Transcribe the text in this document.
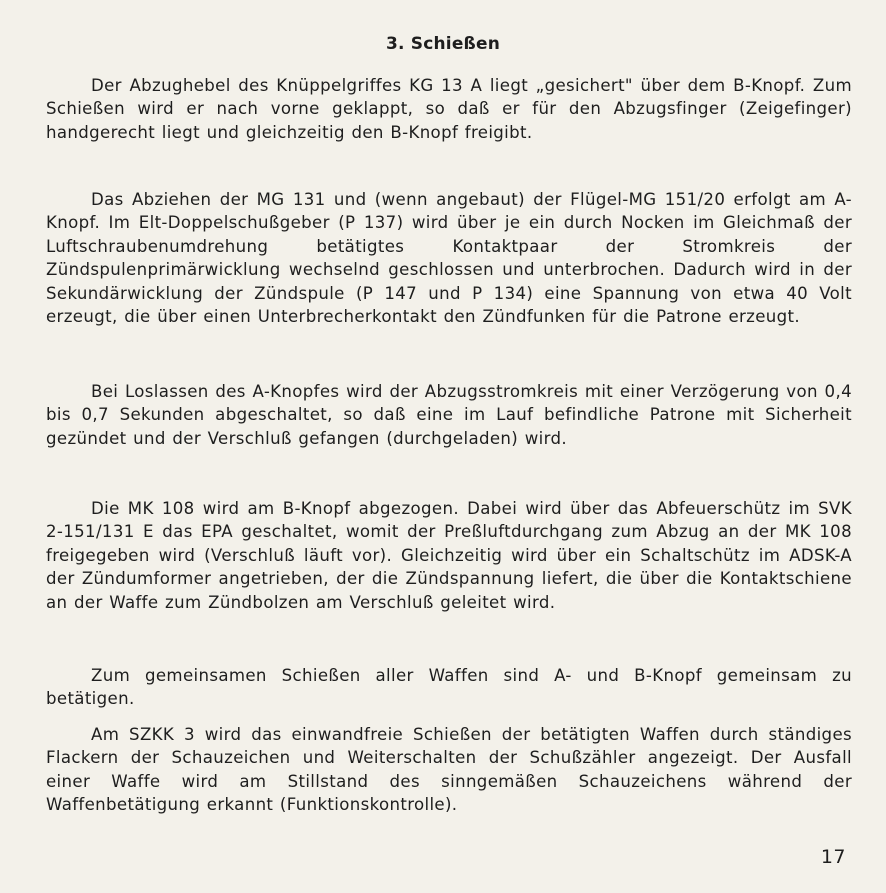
3. Schießen

Der Abzughebel des Knüppelgriffes KG 13 A liegt „gesichert" über dem B-Knopf. Zum Schießen wird er nach vorne geklappt, so daß er für den Abzugsfinger (Zeigefinger) handgerecht liegt und gleichzeitig den B-Knopf freigibt.

Das Abziehen der MG 131 und (wenn angebaut) der Flügel-MG 151/20 erfolgt am A-Knopf. Im Elt-Doppelschußgeber (P 137) wird über je ein durch Nocken im Gleichmaß der Luftschraubenumdrehung betätigtes Kontaktpaar der Stromkreis der Zündspulenprimärwicklung wechselnd geschlossen und unterbrochen. Dadurch wird in der Sekundärwicklung der Zündspule (P 147 und P 134) eine Spannung von etwa 40 Volt erzeugt, die über einen Unterbrecherkontakt den Zündfunken für die Patrone erzeugt.

Bei Loslassen des A-Knopfes wird der Abzugsstromkreis mit einer Verzögerung von 0,4 bis 0,7 Sekunden abgeschaltet, so daß eine im Lauf befindliche Patrone mit Sicherheit gezündet und der Verschluß gefangen (durchgeladen) wird.

Die MK 108 wird am B-Knopf abgezogen. Dabei wird über das Abfeuerschütz im SVK 2-151/131 E das EPA geschaltet, womit der Preßluftdurchgang zum Abzug an der MK 108 freigegeben wird (Verschluß läuft vor). Gleichzeitig wird über ein Schaltschütz im ADSK-A der Zündumformer angetrieben, der die Zündspannung liefert, die über die Kontaktschiene an der Waffe zum Zündbolzen am Verschluß geleitet wird.

Zum gemeinsamen Schießen aller Waffen sind A- und B-Knopf gemeinsam zu betätigen.

Am SZKK 3 wird das einwandfreie Schießen der betätigten Waffen durch ständiges Flackern der Schauzeichen und Weiterschalten der Schußzähler angezeigt. Der Ausfall einer Waffe wird am Stillstand des sinngemäßen Schauzeichens während der Waffenbetätigung erkannt (Funktionskontrolle).

17
